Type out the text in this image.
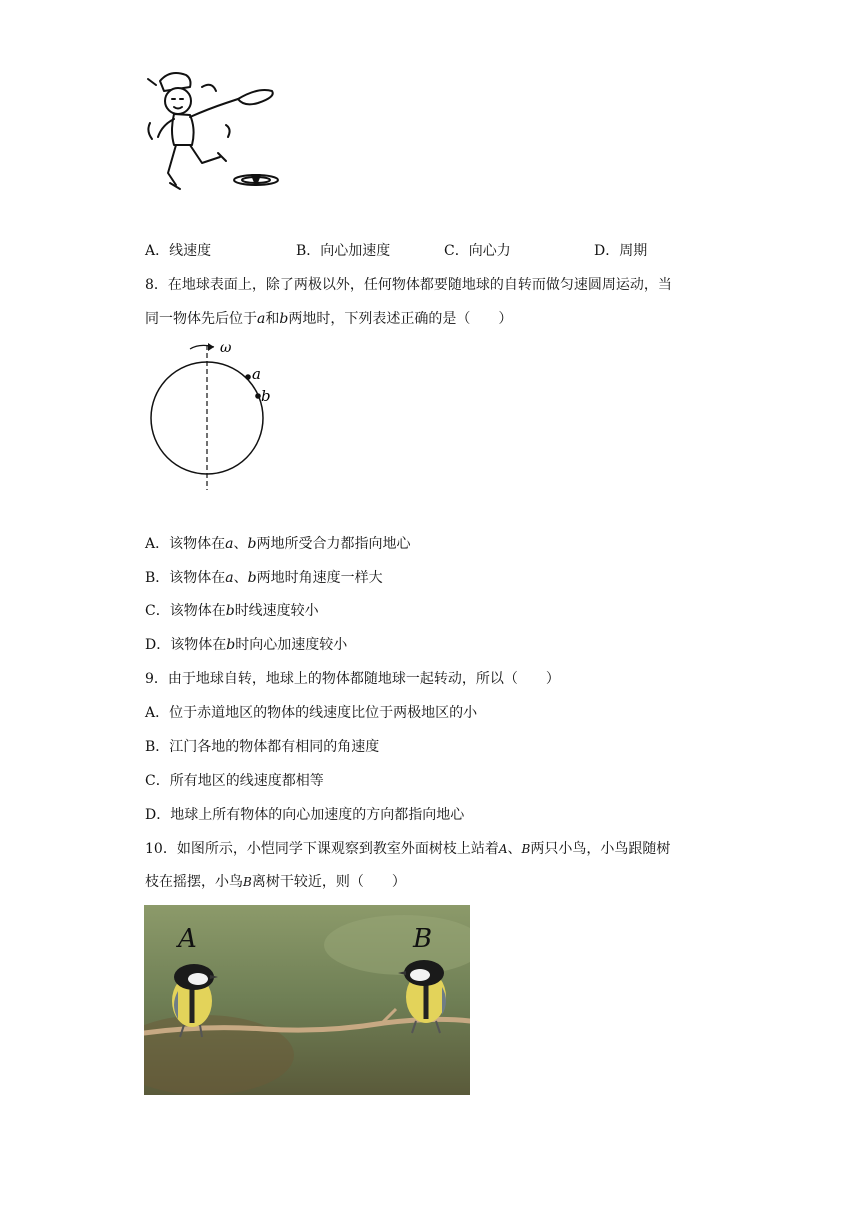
A．线速度	B．向心加速度	C．向心力	D．周期
8．在地球表面上，除了两极以外，任何物体都要随地球的自转而做匀速圆周运动，当
同一物体先后位于a和b两地时，下列表述正确的是（　　）
ω
a
b
A．该物体在a、b两地所受合力都指向地心
B．该物体在a、b两地时角速度一样大
C．该物体在b时线速度较小
D．该物体在b时向心加速度较小
9．由于地球自转，地球上的物体都随地球一起转动，所以（　　）
A．位于赤道地区的物体的线速度比位于两极地区的小
B．江门各地的物体都有相同的角速度
C．所有地区的线速度都相等
D．地球上所有物体的向心加速度的方向都指向地心
10．如图所示，小恺同学下课观察到教室外面树枝上站着A、B两只小鸟，小鸟跟随树
枝在摇摆，小鸟B离树干较近，则（　　）
A	B
